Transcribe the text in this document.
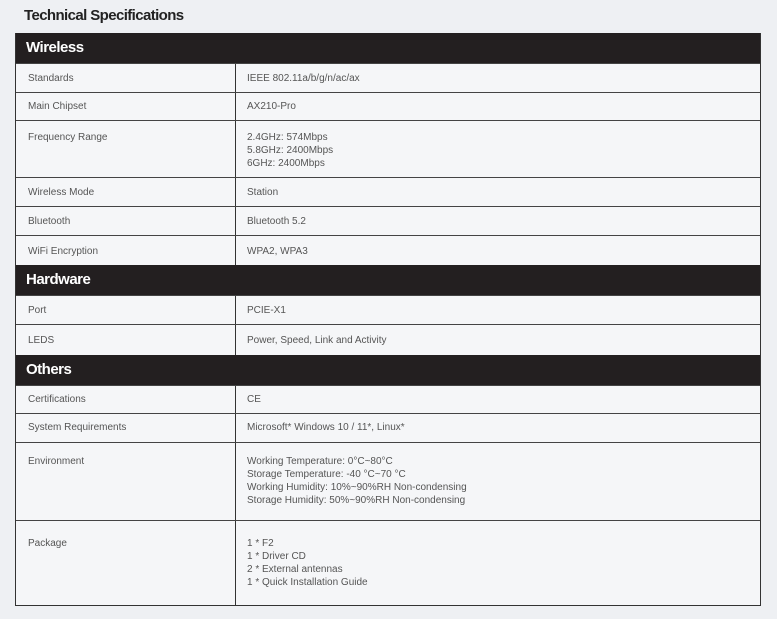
Technical Specifications
Wireless
Standards	IEEE 802.11a/b/g/n/ac/ax
Main Chipset	AX210-Pro
Frequency Range	2.4GHz: 574Mbps
5.8GHz: 2400Mbps
6GHz: 2400Mbps
Wireless Mode	Station
Bluetooth	Bluetooth 5.2
WiFi Encryption	WPA2, WPA3
Hardware
Port	PCIE-X1
LEDS	Power, Speed, Link and Activity
Others
Certifications	CE
System Requirements	Microsoft* Windows 10 / 11*, Linux*
Environment	Working Temperature: 0°C~80°C
Storage Temperature: -40 °C~70 °C
Working Humidity: 10%~90%RH Non-condensing
Storage Humidity: 50%~90%RH Non-condensing
Package	1 * F2
1 * Driver CD
2 * External antennas
1 * Quick Installation Guide
